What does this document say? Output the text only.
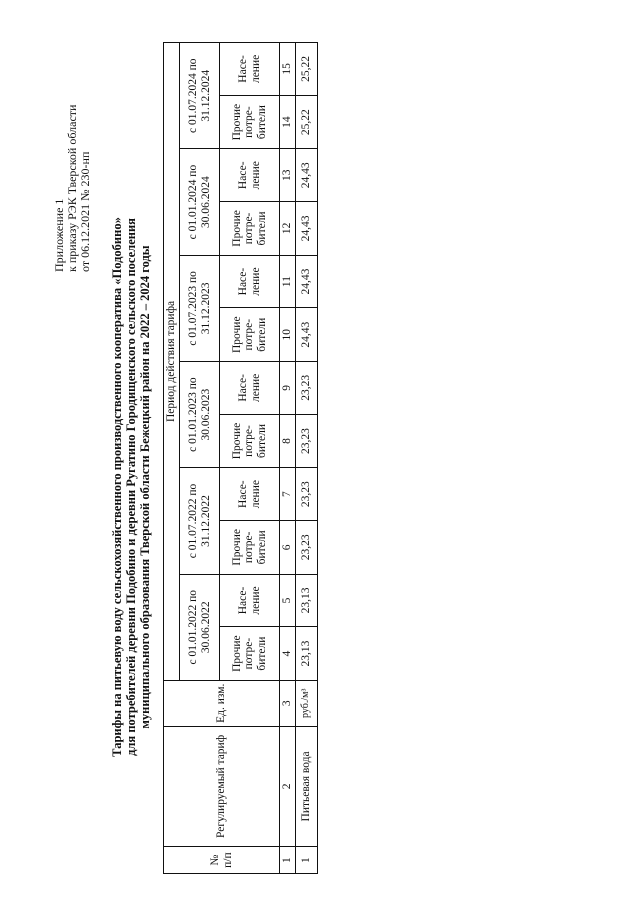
Приложение 1 к приказу РЭК Тверской области от 06.12.2021 № 230-нп
Тарифы на питьевую воду сельскохозяйственного производственного кооператива «Подобино» для потребителей деревни Подобино и деревни Ругатино Городищенского сельского поселения муниципального образования Тверской области Бежецкий район на 2022 – 2024 годы
№ п/п	Регулируемый тариф	Ед. изм.	Период действия тарифа											
			с 01.01.2022 по 30.06.2022		с 01.07.2022 по 31.12.2022		с 01.01.2023 по 30.06.2023		с 01.07.2023 по 31.12.2023		с 01.01.2024 по 30.06.2024		с 01.07.2024 по 31.12.2024	
			Прочие потре-бители	Насе-ление	Прочие потре-бители	Насе-ление	Прочие потре-бители	Насе-ление	Прочие потре-бители	Насе-ление	Прочие потре-бители	Насе-ление	Прочие потре-бители	Насе-ление
1	2	3	4	5	6	7	8	9	10	11	12	13	14	15
1	Питьевая вода	руб./м³	23,13	23,13	23,23	23,23	23,23	23,23	24,43	24,43	24,43	24,43	25,22	25,22
